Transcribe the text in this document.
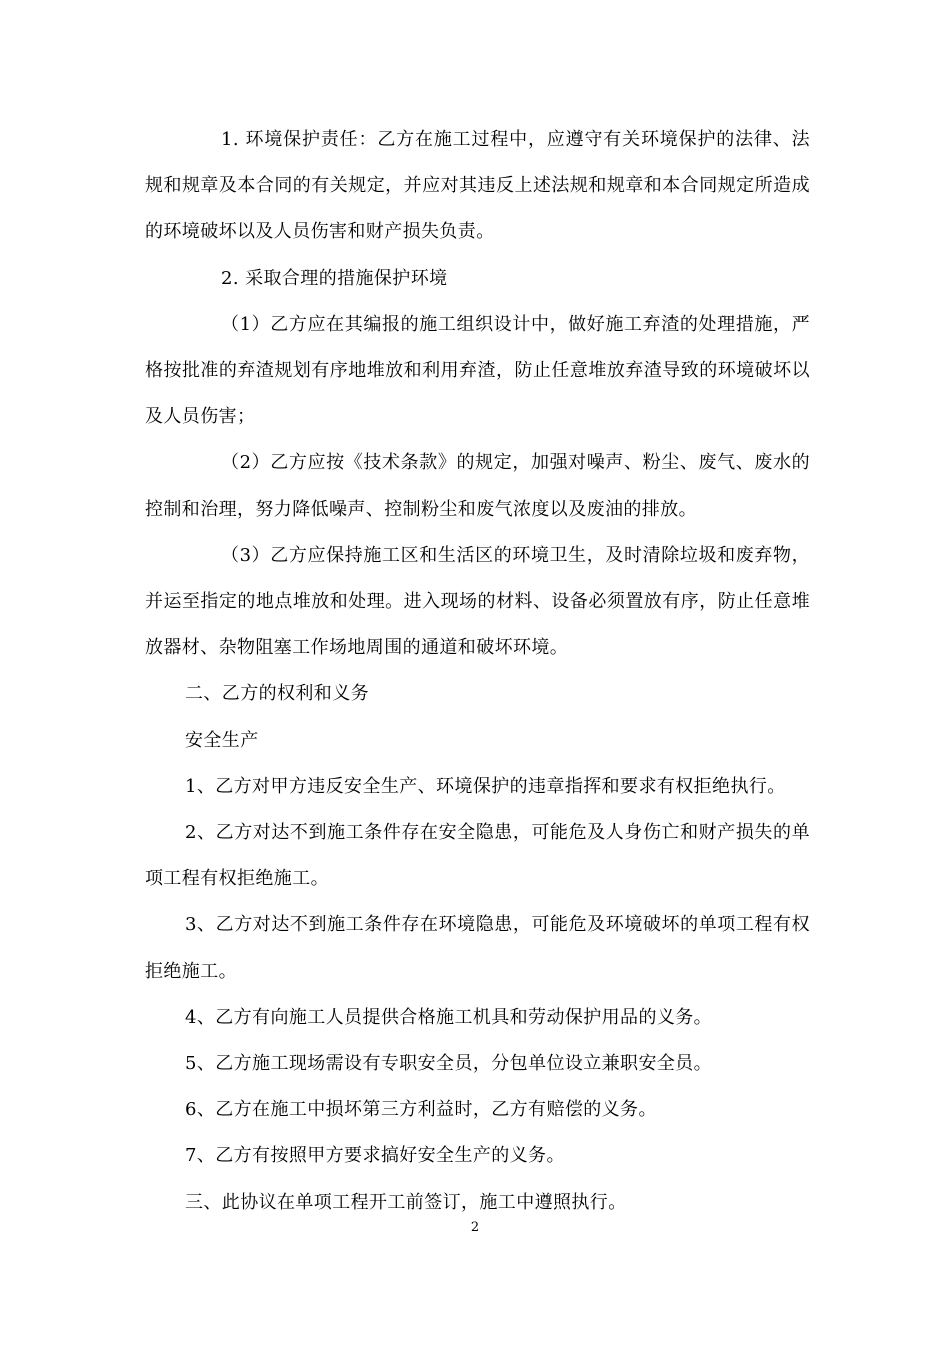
1. 环境保护责任：乙方在施工过程中，应遵守有关环境保护的法律、法规和规章及本合同的有关规定，并应对其违反上述法规和规章和本合同规定所造成的环境破坏以及人员伤害和财产损失负责。

2. 采取合理的措施保护环境

（1）乙方应在其编报的施工组织设计中，做好施工弃渣的处理措施，严格按批准的弃渣规划有序地堆放和利用弃渣，防止任意堆放弃渣导致的环境破坏以及人员伤害；

（2）乙方应按《技术条款》的规定，加强对噪声、粉尘、废气、废水的控制和治理，努力降低噪声、控制粉尘和废气浓度以及废油的排放。

（3）乙方应保持施工区和生活区的环境卫生，及时清除垃圾和废弃物，并运至指定的地点堆放和处理。进入现场的材料、设备必须置放有序，防止任意堆放器材、杂物阻塞工作场地周围的通道和破坏环境。

二、乙方的权利和义务

安全生产

1、乙方对甲方违反安全生产、环境保护的违章指挥和要求有权拒绝执行。

2、乙方对达不到施工条件存在安全隐患，可能危及人身伤亡和财产损失的单项工程有权拒绝施工。

3、乙方对达不到施工条件存在环境隐患，可能危及环境破坏的单项工程有权拒绝施工。

4、乙方有向施工人员提供合格施工机具和劳动保护用品的义务。

5、乙方施工现场需设有专职安全员，分包单位设立兼职安全员。

6、乙方在施工中损坏第三方利益时，乙方有赔偿的义务。

7、乙方有按照甲方要求搞好安全生产的义务。

三、此协议在单项工程开工前签订，施工中遵照执行。

2
